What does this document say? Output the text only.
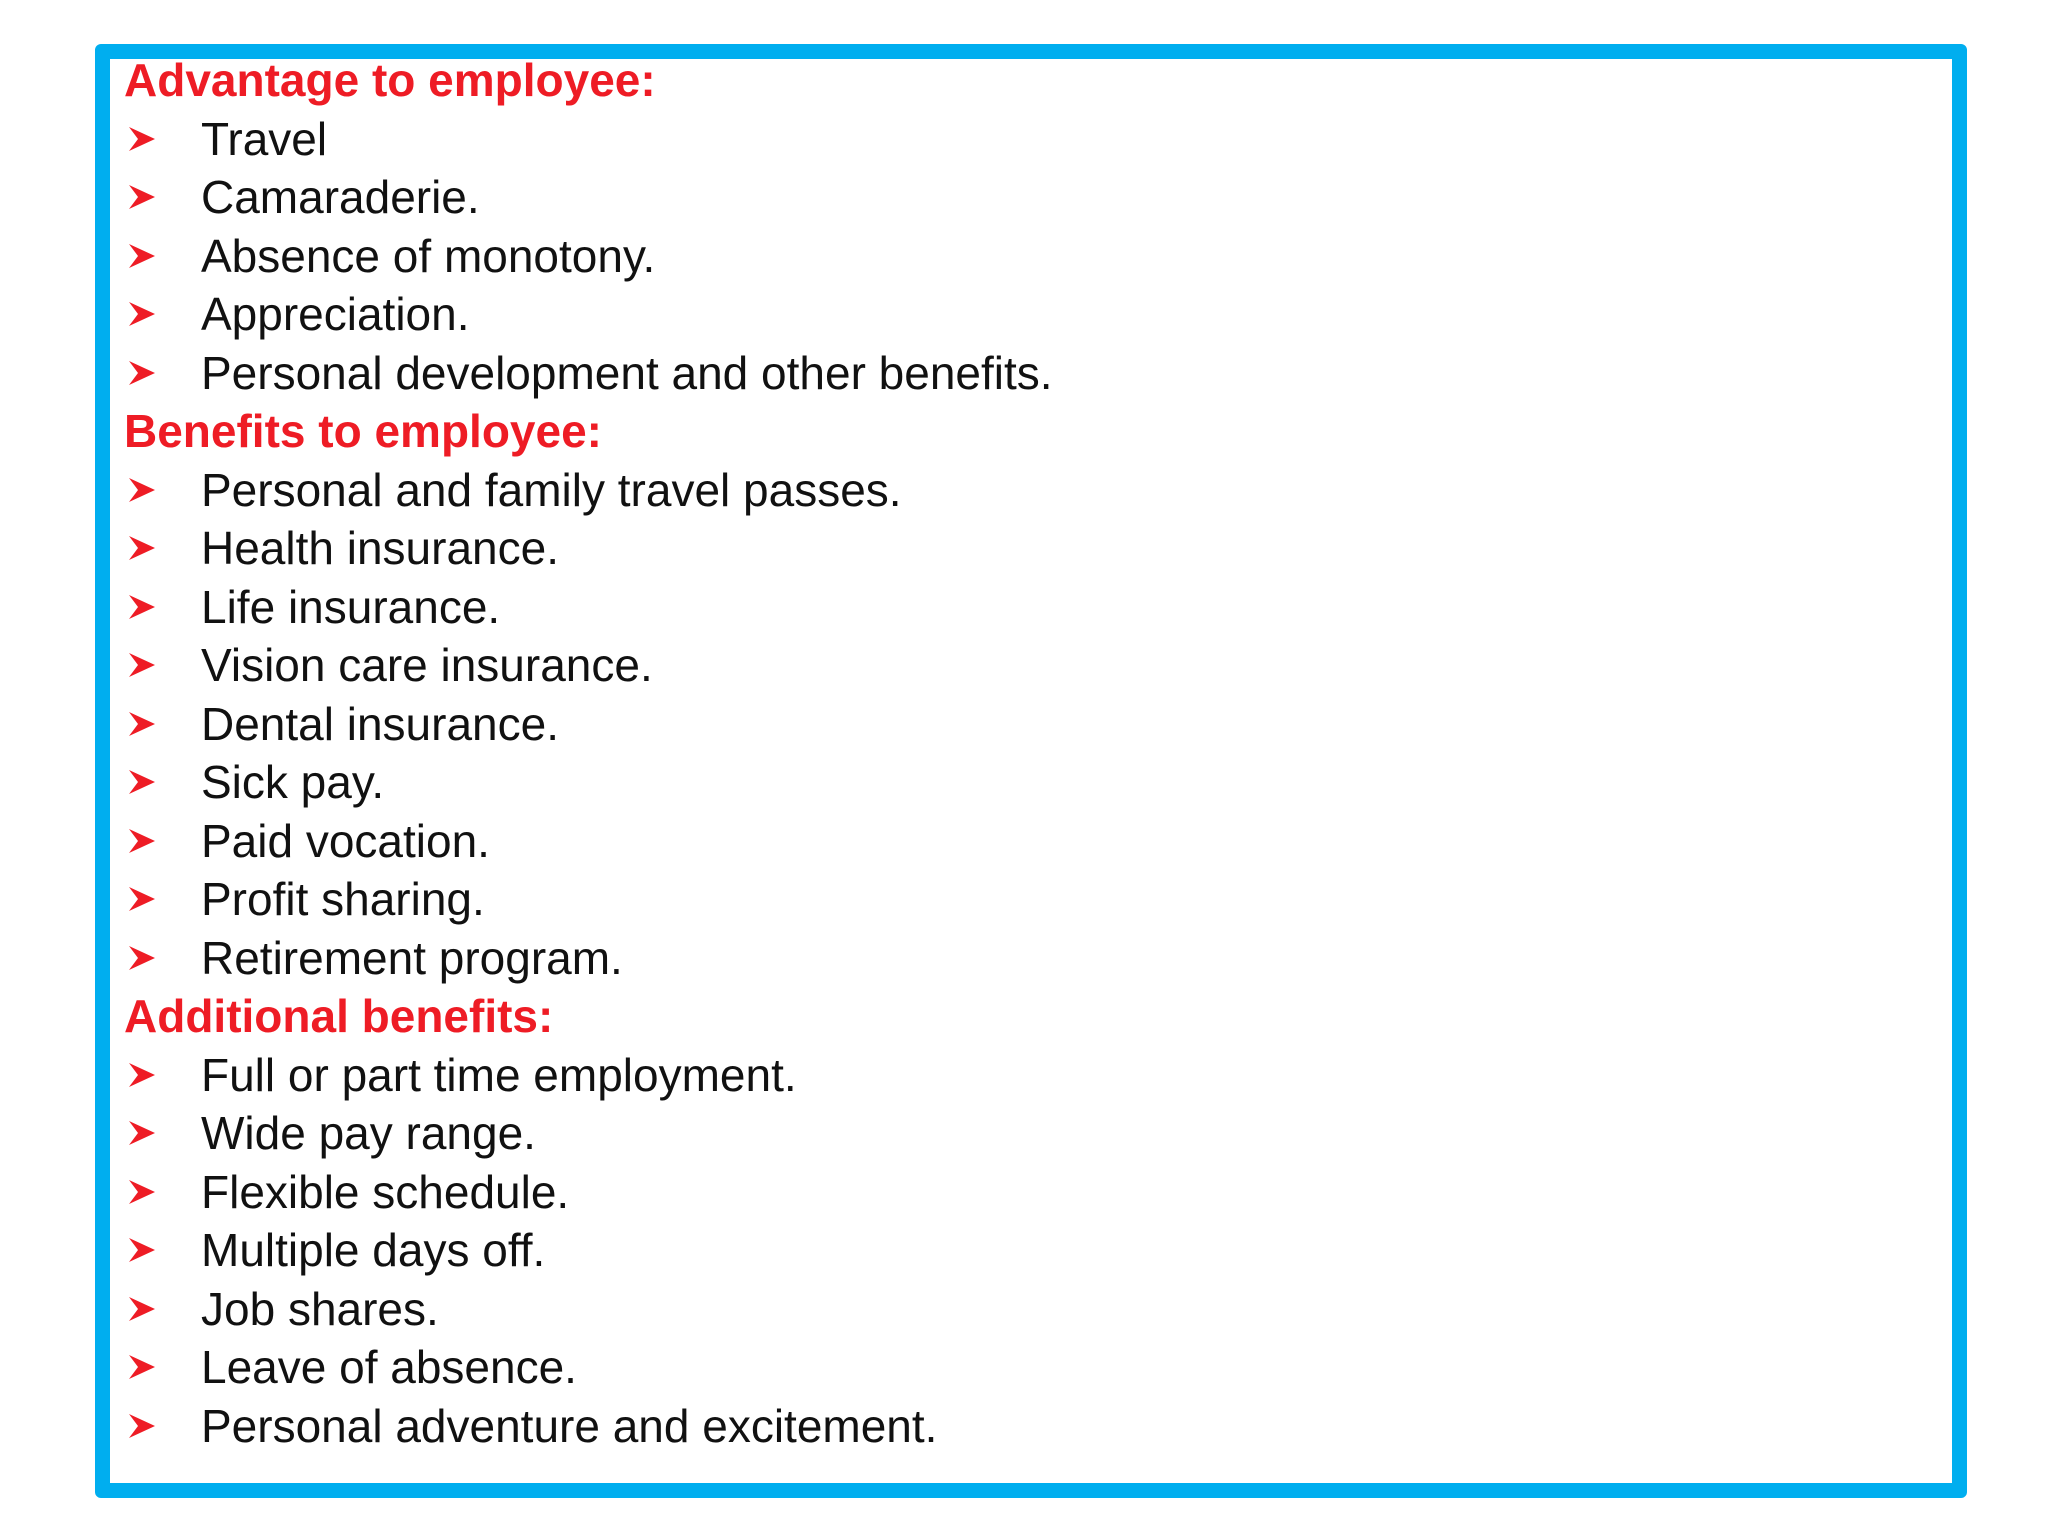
Advantage to employee:
Travel
Camaraderie.
Absence of monotony.
Appreciation.
Personal development and other benefits.
Benefits to employee:
Personal and family travel passes.
Health insurance.
Life insurance.
Vision care insurance.
Dental insurance.
Sick pay.
Paid vocation.
Profit sharing.
Retirement program.
Additional benefits:
Full or part time employment.
Wide pay range.
Flexible schedule.
Multiple days off.
Job shares.
Leave of absence.
Personal adventure and excitement.
